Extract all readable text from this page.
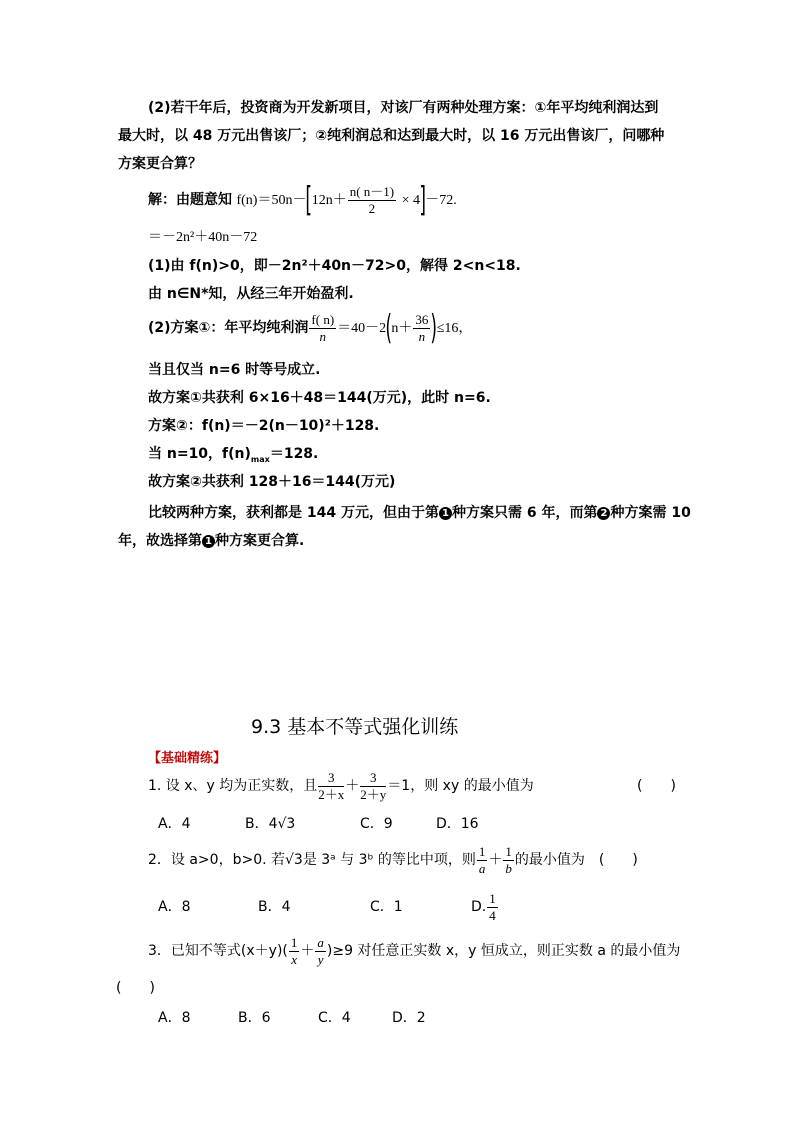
(2)若干年后，投资商为开发新项目，对该厂有两种处理方案：①年平均纯利润达到
最大时，以 48 万元出售该厂；②纯利润总和达到最大时，以 16 万元出售该厂，问哪种
方案更合算？
解：由题意知 $f(n)=50n-[12n+ \frac{n( n-1)}{2} \times 4]-72$.
＝－2n²＋40n－72
(1)由 f(n)>0，即－2n²＋40n－72>0，解得 2<n<18.
由 n∈N*知，从经三年开始盈利.
(2)方案①：年平均纯利润 $\frac{f( n)}{n} =40-2(n+ \frac{36}{n} )\le 16$，
当且仅当 n=6 时等号成立.
故方案①共获利 6×16＋48＝144(万元)，此时 n=6.
方案②：f(n)＝－2(n－10)²＋128.
当 n=10，$f(n)_{max}=128$.
故方案②共获利 128＋16＝144(万元)
比较两种方案，获利都是 144 万元，但由于第 1 种方案只需 6 年，而第 2 种方案需 10
年，故选择第 1 种方案更合算.
9.3 基本不等式强化训练
【基础精练】
1. 设 x、y 均为正实数，且 $\frac{3}{2+x} + \frac{3}{2+y} =1$，则 xy 的最小值为	(　　)
A．4	B．4√3	C．9	D．16
2．设 a>0，b>0. 若√3是 3ᵃ 与 3ᵇ 的等比中项，则 $\frac{1}{a} + \frac{1}{b}$ 的最小值为 (　　)
A．8	B．4	C．1	D. $\frac{1}{4}$
3．已知不等式$(x+y)( \frac{1}{x} + \frac{a}{y} )\ge 9$ 对任意正实数 x，y 恒成立，则正实数 a 的最小值为
(　　)
A．8	B．6	C．4	D．2
